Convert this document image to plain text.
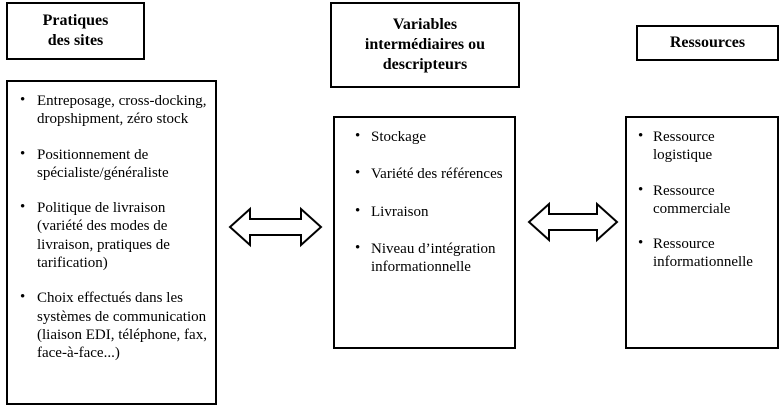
Pratiques
des sites
• Entreposage, cross-docking, dropshipment, zéro stock
• Positionnement de spécialiste/généraliste
• Politique de livraison (variété des modes de livraison, pratiques de tarification)
• Choix effectués dans les systèmes de communication (liaison EDI, téléphone, fax, face-à-face...)
Variables
intermédiaires ou
descripteurs
• Stockage
• Variété des références
• Livraison
• Niveau d’intégration informationnelle
Ressources
• Ressource logistique
• Ressource commerciale
• Ressource informationnelle
